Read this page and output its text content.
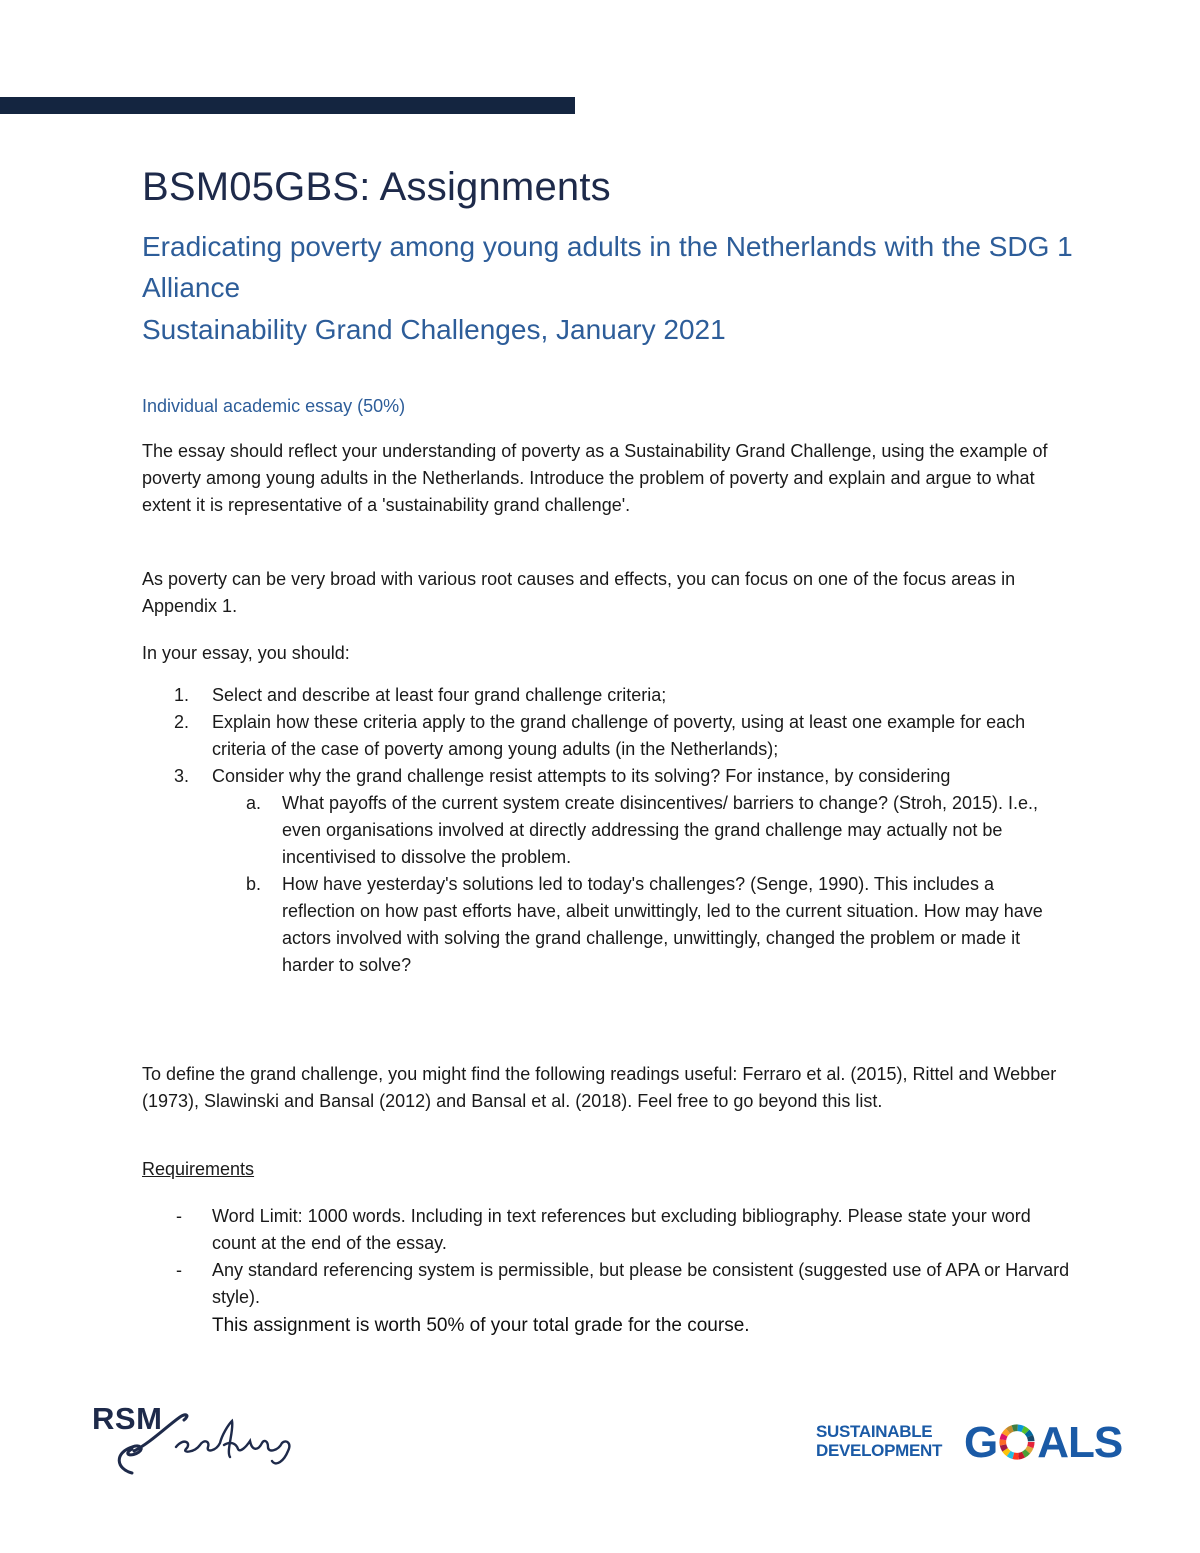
BSM05GBS: Assignments
Eradicating poverty among young adults in the Netherlands with the SDG 1 Alliance
Sustainability Grand Challenges, January 2021
Individual academic essay (50%)

The essay should reflect your understanding of poverty as a Sustainability Grand Challenge, using the example of poverty among young adults in the Netherlands. Introduce the problem of poverty and explain and argue to what extent it is representative of a 'sustainability grand challenge'.

As poverty can be very broad with various root causes and effects, you can focus on one of the focus areas in Appendix 1.

In your essay, you should:

1. Select and describe at least four grand challenge criteria;
2. Explain how these criteria apply to the grand challenge of poverty, using at least one example for each criteria of the case of poverty among young adults (in the Netherlands);
3. Consider why the grand challenge resist attempts to its solving? For instance, by considering
a. What payoffs of the current system create disincentives/ barriers to change? (Stroh, 2015). I.e., even organisations involved at directly addressing the grand challenge may actually not be incentivised to dissolve the problem.
b. How have yesterday's solutions led to today's challenges? (Senge, 1990). This includes a reflection on how past efforts have, albeit unwittingly, led to the current situation. How may have actors involved with solving the grand challenge, unwittingly, changed the problem or made it harder to solve?

To define the grand challenge, you might find the following readings useful: Ferraro et al. (2015), Rittel and Webber (1973), Slawinski and Bansal (2012) and Bansal et al. (2018). Feel free to go beyond this list.

Requirements
- Word Limit: 1000 words. Including in text references but excluding bibliography. Please state your word count at the end of the essay.
- Any standard referencing system is permissible, but please be consistent (suggested use of APA or Harvard style).

This assignment is worth 50% of your total grade for the course.

RSM	SUSTAINABLE
DEVELOPMENT G ALS
